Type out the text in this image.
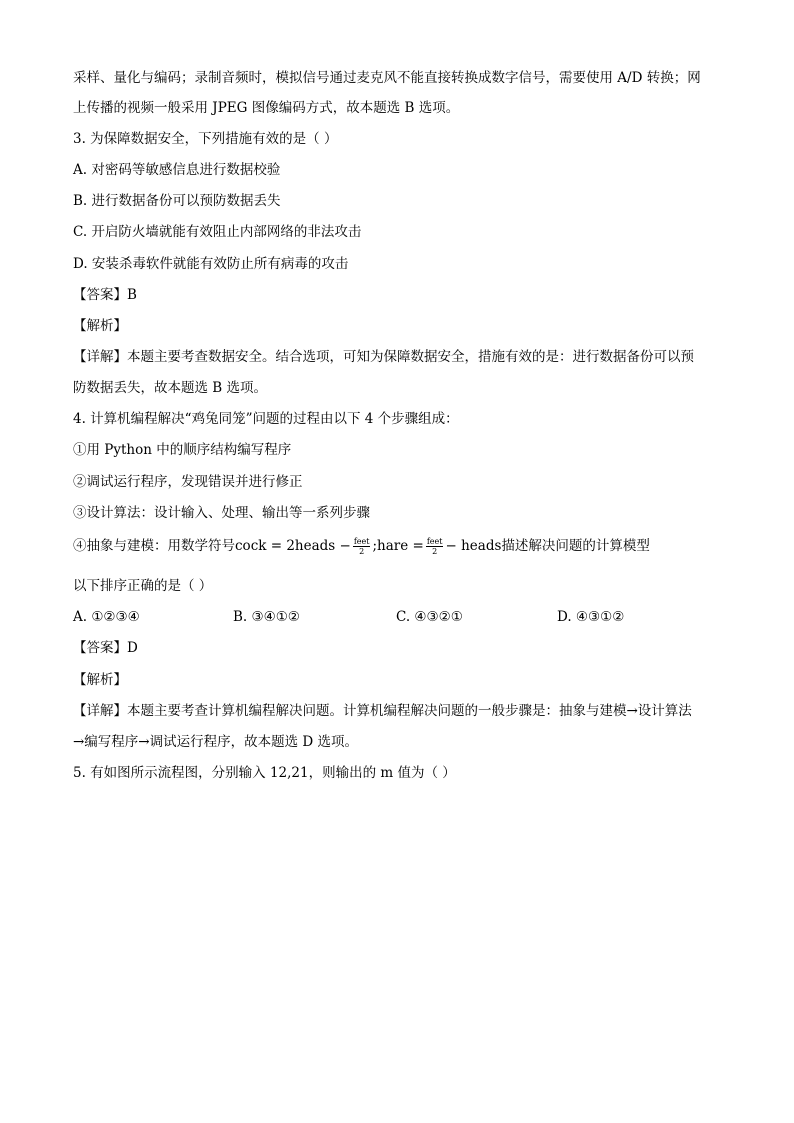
采样、量化与编码；录制音频时，模拟信号通过麦克风不能直接转换成数字信号，需要使用 A/D 转换；网
上传播的视频一般采用 JPEG 图像编码方式，故本题选 B 选项。
3. 为保障数据安全，下列措施有效的是（ ）
A. 对密码等敏感信息进行数据校验
B. 进行数据备份可以预防数据丢失
C. 开启防火墙就能有效阻止内部网络的非法攻击
D. 安装杀毒软件就能有效防止所有病毒的攻击
【答案】B
【解析】
【详解】本题主要考查数据安全。结合选项，可知为保障数据安全，措施有效的是：进行数据备份可以预
防数据丢失，故本题选 B 选项。
4. 计算机编程解决“鸡兔同笼”问题的过程由以下 4 个步骤组成：
①用 Python 中的顺序结构编写程序
②调试运行程序，发现错误并进行修正
③设计算法：设计输入、处理、输出等一系列步骤
④抽象与建模：用数学符号 cock = 2heads − $\frac{\text{feet}}{2}$ ;hare = $\frac{\text{feet}}{2}$ − heads 描述解决问题的计算模型
以下排序正确的是（ ）
A. ①②③④	B. ③④①②	C. ④③②①	D. ④③①②
【答案】D
【解析】
【详解】本题主要考查计算机编程解决问题。计算机编程解决问题的一般步骤是：抽象与建模→设计算法
→编写程序→调试运行程序，故本题选 D 选项。
5. 有如图所示流程图，分别输入 12,21，则输出的 m 值为（ ）
